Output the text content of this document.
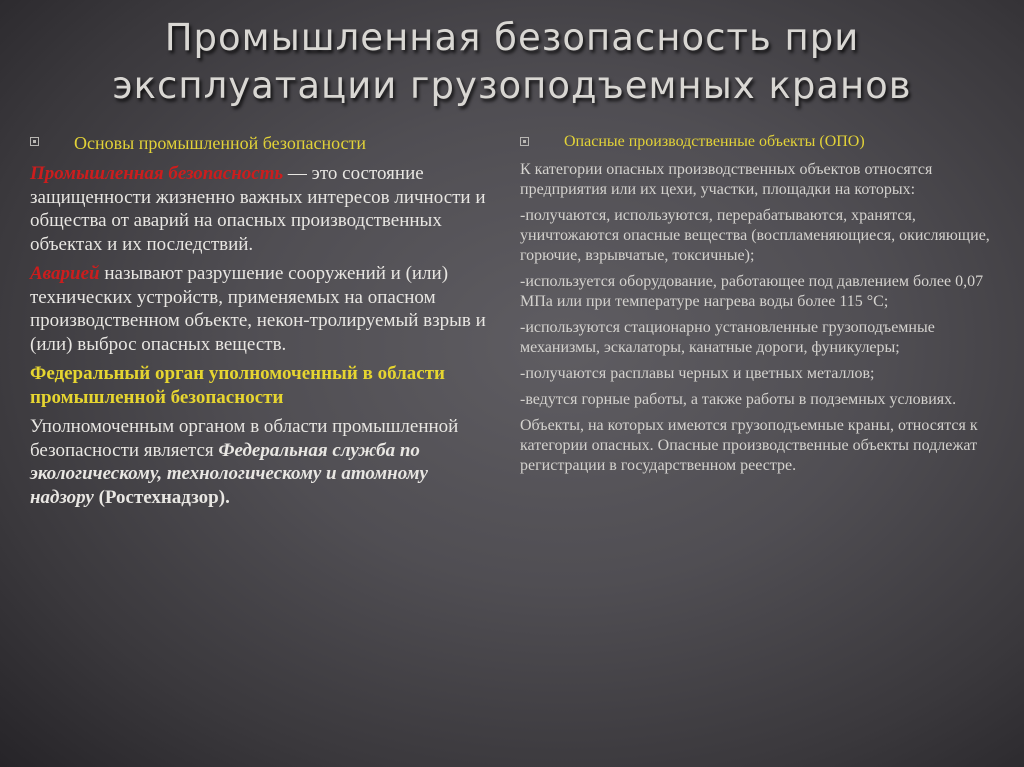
Промышленная безопасность при
эксплуатации грузоподъемных кранов
Основы промышленной безопасности

Промышленная безопасность — это состояние защищенности жизненно важных интересов личности и общества от аварий на опасных производственных объектах и их последствий.

Аварией называют разрушение сооружений и (или) технических устройств, применяемых на опасном производственном объекте, некон-тролируемый взрыв и (или) выброс опасных веществ.

Федеральный орган уполномоченный в области промышленной безопасности

Уполномоченным органом в области промышленной безопасности является Федеральная служба по экологическому, технологическому и атомному надзору (Ростехнадзор).

Опасные производственные объекты (ОПО)

К категории опасных производственных объектов относятся предприятия или их цехи, участки, площадки на которых:

-получаются, используются, перерабатываются, хранятся, уничтожаются опасные вещества (воспламеняющиеся, окисляющие, горючие, взрывчатые, токсичные);

-используется оборудование, работающее под давлением более 0,07 МПа или при температуре нагрева воды более 115 °С;

-используются стационарно установленные грузоподъемные механизмы, эскалаторы, канатные дороги, фуникулеры;

-получаются расплавы черных и цветных металлов;

-ведутся горные работы, а также работы в подземных условиях.

Объекты, на которых имеются грузоподъемные краны, относятся к категории опасных. Опасные производственные объекты подлежат регистрации в государственном реестре.
